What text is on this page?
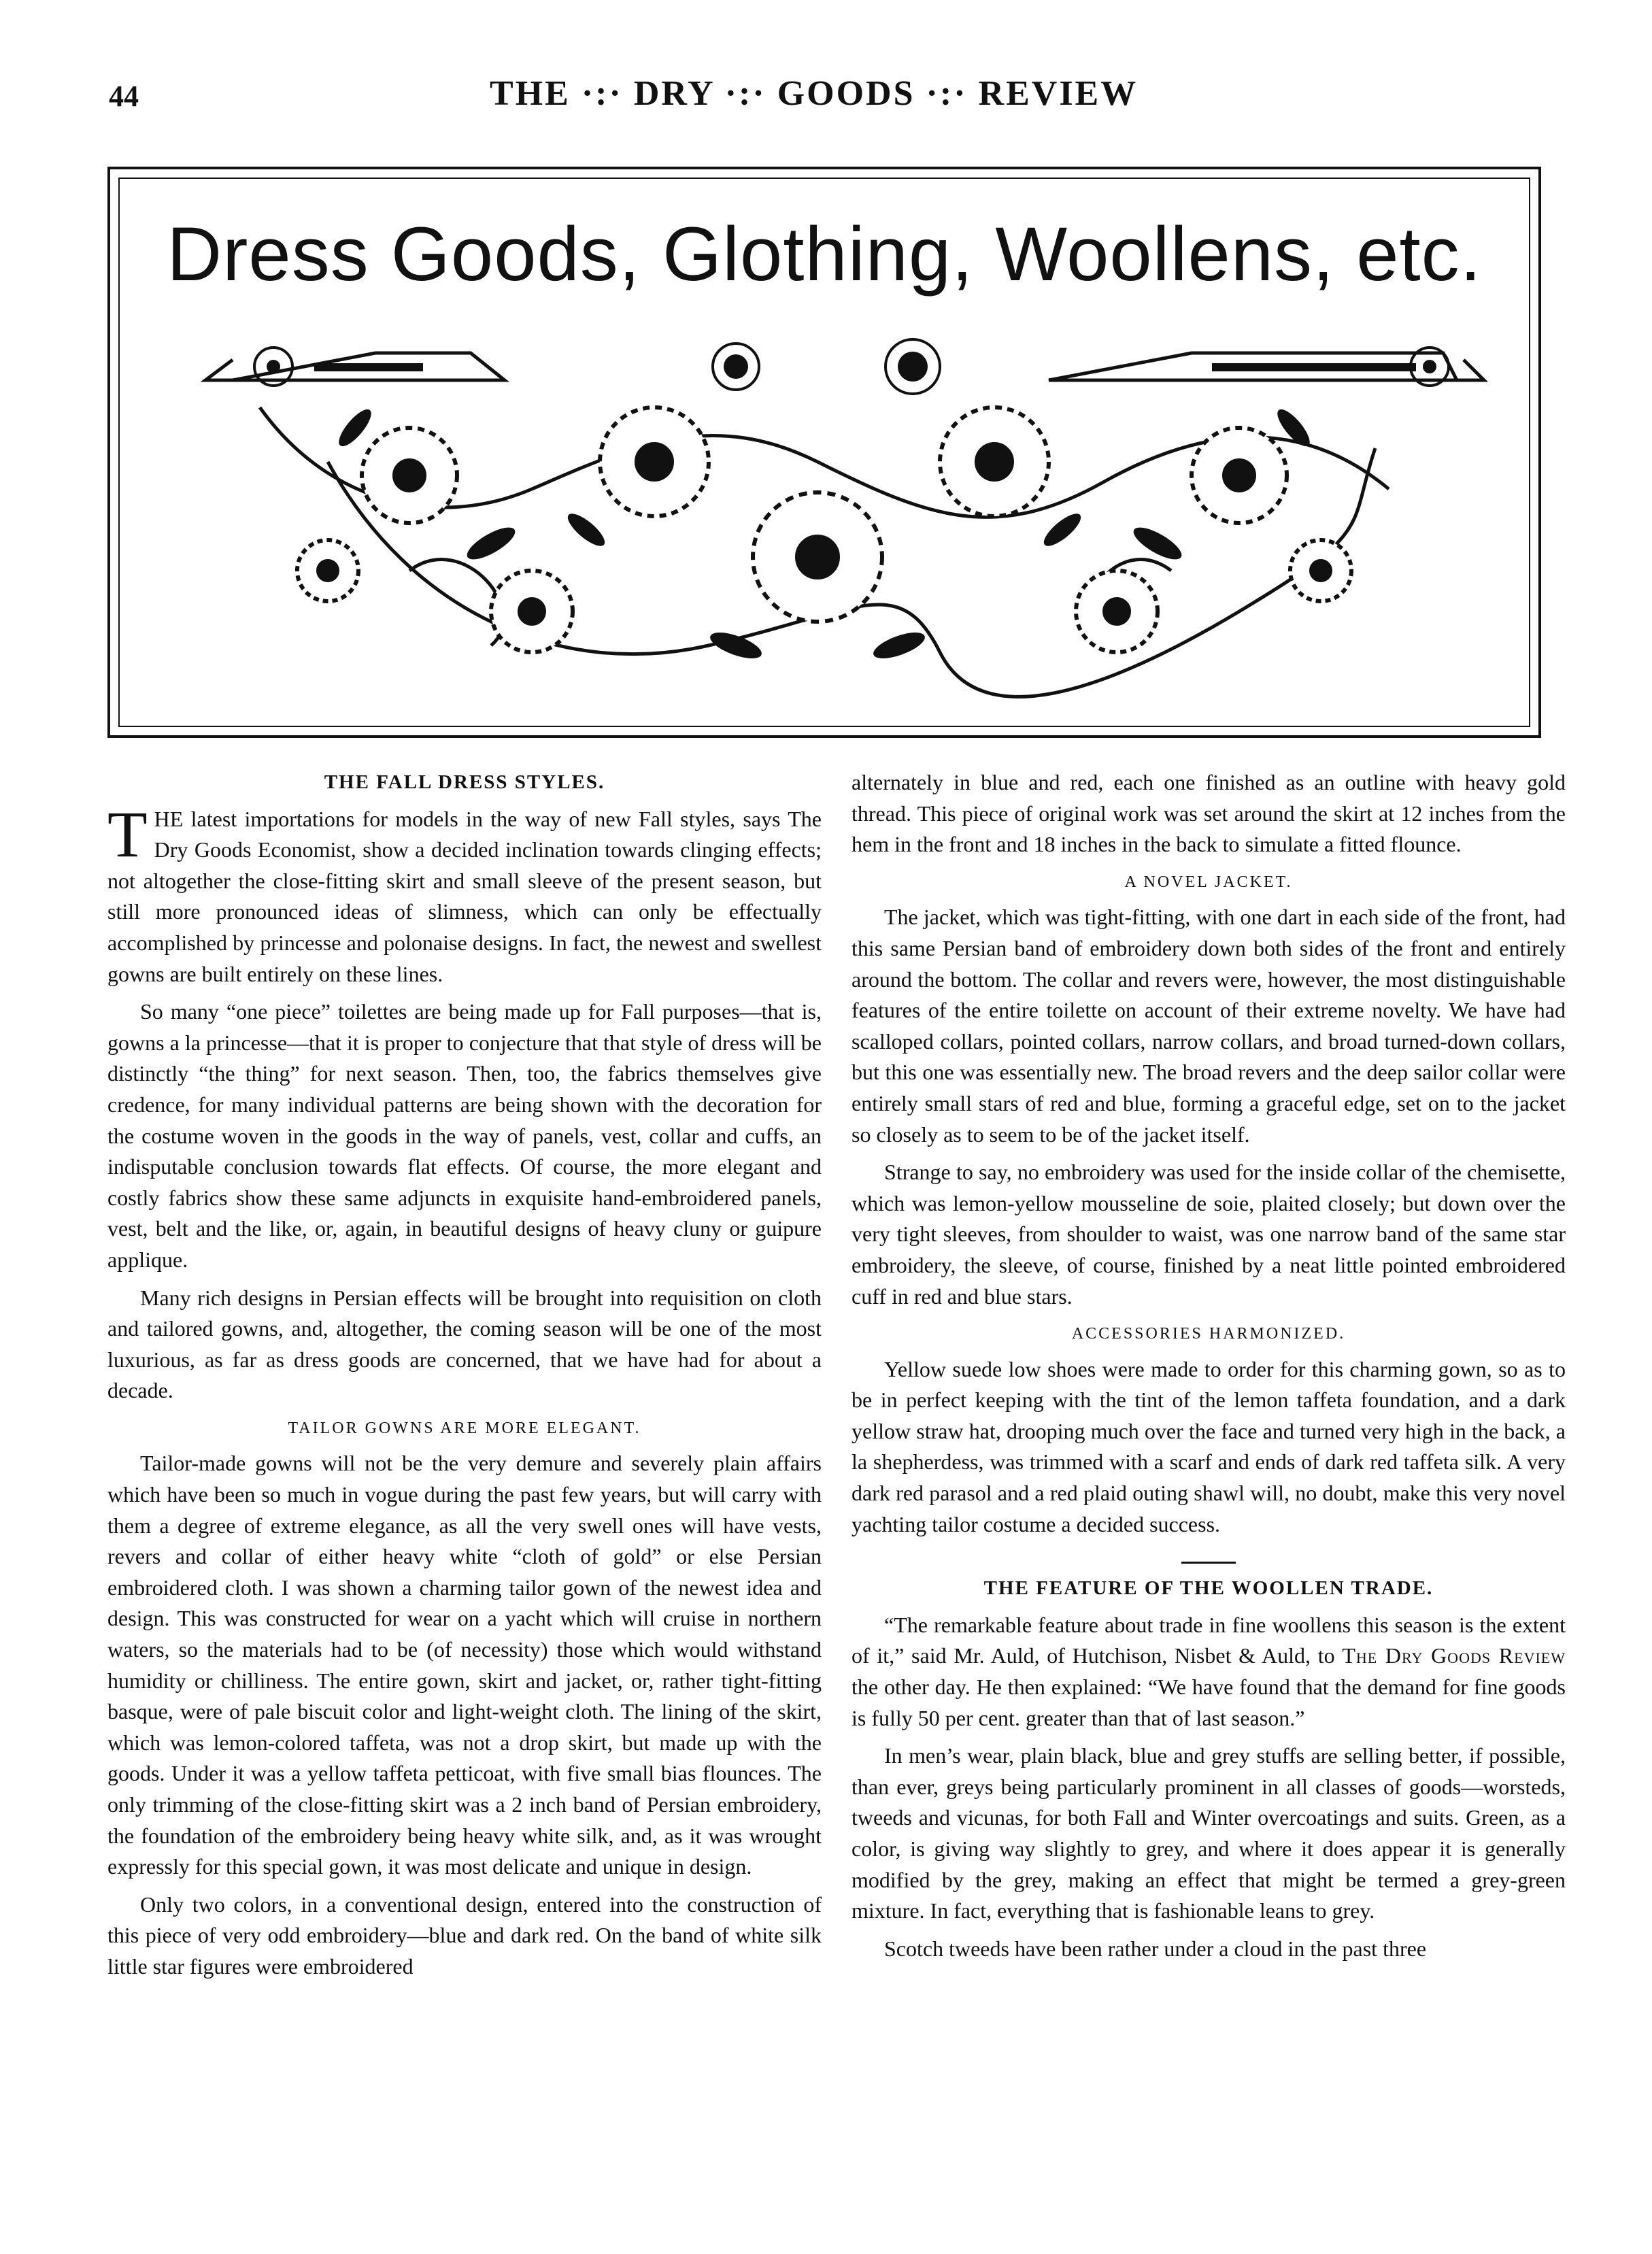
44	THE ·:· DRY ·:· GOODS ·:· REVIEW
Dress Goods, Glothing, Woollens, etc.
THE FALL DRESS STYLES.

THE latest importations for models in the way of new Fall styles, says The Dry Goods Economist, show a decided inclination towards clinging effects; not altogether the close-fitting skirt and small sleeve of the present season, but still more pronounced ideas of slimness, which can only be effectually accomplished by princesse and polonaise designs. In fact, the newest and swellest gowns are built entirely on these lines.

So many “one piece” toilettes are being made up for Fall purposes—that is, gowns a la princesse—that it is proper to conjecture that that style of dress will be distinctly “the thing” for next season. Then, too, the fabrics themselves give credence, for many individual patterns are being shown with the decoration for the costume woven in the goods in the way of panels, vest, collar and cuffs, an indisputable conclusion towards flat effects. Of course, the more elegant and costly fabrics show these same adjuncts in exquisite hand-embroidered panels, vest, belt and the like, or, again, in beautiful designs of heavy cluny or guipure applique.

Many rich designs in Persian effects will be brought into requisition on cloth and tailored gowns, and, altogether, the coming season will be one of the most luxurious, as far as dress goods are concerned, that we have had for about a decade.

TAILOR GOWNS ARE MORE ELEGANT.

Tailor-made gowns will not be the very demure and severely plain affairs which have been so much in vogue during the past few years, but will carry with them a degree of extreme elegance, as all the very swell ones will have vests, revers and collar of either heavy white “cloth of gold” or else Persian embroidered cloth. I was shown a charming tailor gown of the newest idea and design. This was constructed for wear on a yacht which will cruise in northern waters, so the materials had to be (of necessity) those which would withstand humidity or chilliness. The entire gown, skirt and jacket, or, rather tight-fitting basque, were of pale biscuit color and light-weight cloth. The lining of the skirt, which was lemon-colored taffeta, was not a drop skirt, but made up with the goods. Under it was a yellow taffeta petticoat, with five small bias flounces. The only trimming of the close-fitting skirt was a 2 inch band of Persian embroidery, the foundation of the embroidery being heavy white silk, and, as it was wrought expressly for this special gown, it was most delicate and unique in design.

Only two colors, in a conventional design, entered into the construction of this piece of very odd embroidery—blue and dark red. On the band of white silk little star figures were embroidered

alternately in blue and red, each one finished as an outline with heavy gold thread. This piece of original work was set around the skirt at 12 inches from the hem in the front and 18 inches in the back to simulate a fitted flounce.

A NOVEL JACKET.

The jacket, which was tight-fitting, with one dart in each side of the front, had this same Persian band of embroidery down both sides of the front and entirely around the bottom. The collar and revers were, however, the most distinguishable features of the entire toilette on account of their extreme novelty. We have had scalloped collars, pointed collars, narrow collars, and broad turned-down collars, but this one was essentially new. The broad revers and the deep sailor collar were entirely small stars of red and blue, forming a graceful edge, set on to the jacket so closely as to seem to be of the jacket itself.

Strange to say, no embroidery was used for the inside collar of the chemisette, which was lemon-yellow mousseline de soie, plaited closely; but down over the very tight sleeves, from shoulder to waist, was one narrow band of the same star embroidery, the sleeve, of course, finished by a neat little pointed embroidered cuff in red and blue stars.

ACCESSORIES HARMONIZED.

Yellow suede low shoes were made to order for this charming gown, so as to be in perfect keeping with the tint of the lemon taffeta foundation, and a dark yellow straw hat, drooping much over the face and turned very high in the back, a la shepherdess, was trimmed with a scarf and ends of dark red taffeta silk. A very dark red parasol and a red plaid outing shawl will, no doubt, make this very novel yachting tailor costume a decided success.

THE FEATURE OF THE WOOLLEN TRADE.

“The remarkable feature about trade in fine woollens this season is the extent of it,” said Mr. Auld, of Hutchison, Nisbet & Auld, to The Dry Goods Review the other day. He then explained: “We have found that the demand for fine goods is fully 50 per cent. greater than that of last season.”

In men’s wear, plain black, blue and grey stuffs are selling better, if possible, than ever, greys being particularly prominent in all classes of goods—worsteds, tweeds and vicunas, for both Fall and Winter overcoatings and suits. Green, as a color, is giving way slightly to grey, and where it does appear it is generally modified by the grey, making an effect that might be termed a grey-green mixture. In fact, everything that is fashionable leans to grey.

Scotch tweeds have been rather under a cloud in the past three
